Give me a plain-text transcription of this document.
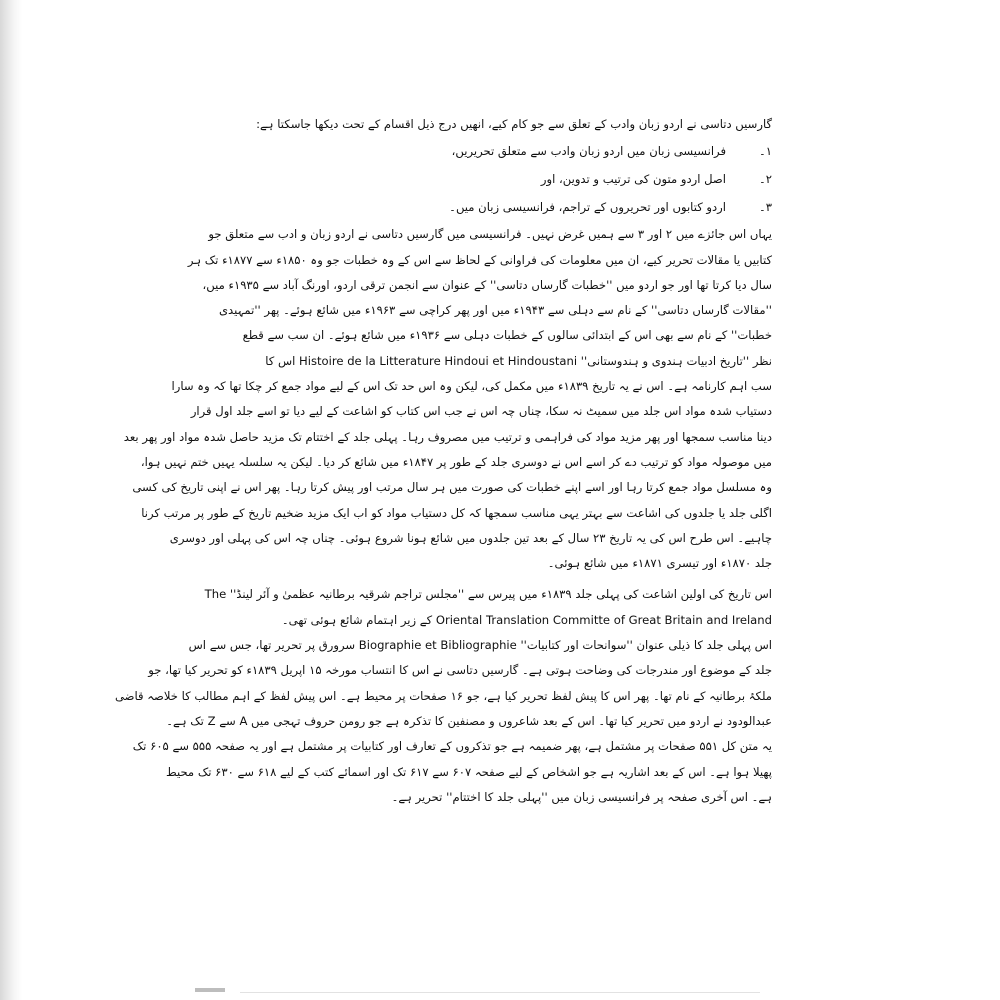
گارسیں دتاسی نے اردو زبان وادب کے تعلق سے جو کام کیے، انھیں درج ذیل اقسام کے تحت دیکھا جاسکتا ہے:

۱۔فرانسیسی زبان میں اردو زبان وادب سے متعلق تحریریں،
۲۔اصل اردو متون کی ترتیب و تدوین، اور
۳۔اردو کتابوں اور تحریروں کے تراجم، فرانسیسی زبان میں۔

یہاں اس جائزے میں ۲ اور ۳ سے ہمیں غرض نہیں۔ فرانسیسی میں گارسیں دتاسی نے اردو زبان و ادب سے متعلق جو

کتابیں یا مقالات تحریر کیے، ان میں معلومات کی فراوانی کے لحاظ سے اس کے وہ خطبات جو وہ ۱۸۵۰ء سے ۱۸۷۷ء تک ہر

سال دیا کرتا تھا اور جو اردو میں ''خطبات گارساں دتاسی'' کے عنوان سے انجمن ترقی اردو، اورنگ آباد سے ۱۹۳۵ء میں،

''مقالات گارساں دتاسی'' کے نام سے دہلی سے ۱۹۴۳ء میں اور پھر کراچی سے ۱۹۶۳ء میں شائع ہوئے۔ پھر ''تمہیدی

خطبات'' کے نام سے بھی اس کے ابتدائی سالوں کے خطبات دہلی سے ۱۹۳۶ء میں شائع ہوئے۔ ان سب سے قطع

نظر ''تاریخ ادبیات ہندوی و ہندوستانی'' Histoire de la Litterature Hindoui et Hindoustani اس کا

سب اہم کارنامہ ہے۔ اس نے یہ تاریخ ۱۸۳۹ء میں مکمل کی، لیکن وہ اس حد تک اس کے لیے مواد جمع کر چکا تھا کہ وہ سارا

دستیاب شدہ مواد اس جلد میں سمیٹ نہ سکا، چناں چہ اس نے جب اس کتاب کو اشاعت کے لیے دیا تو اسے جلد اول قرار

دینا مناسب سمجھا اور پھر مزید مواد کی فراہمی و ترتیب میں مصروف رہا۔ پہلی جلد کے اختتام تک مزید حاصل شدہ مواد اور پھر بعد

میں موصولہ مواد کو ترتیب دے کر اسے اس نے دوسری جلد کے طور پر ۱۸۴۷ء میں شائع کر دیا۔ لیکن یہ سلسلہ یہیں ختم نہیں ہوا،

وہ مسلسل مواد جمع کرتا رہا اور اسے اپنے خطبات کی صورت میں ہر سال مرتب اور پیش کرتا رہا۔ پھر اس نے اپنی تاریخ کی کسی

اگلی جلد یا جلدوں کی اشاعت سے بہتر یہی مناسب سمجھا کہ کل دستیاب مواد کو اب ایک مزید ضخیم تاریخ کے طور پر مرتب کرنا

چاہیے۔ اس طرح اس کی یہ تاریخ ۲۳ سال کے بعد تین جلدوں میں شائع ہونا شروع ہوئی۔ چناں چہ اس کی پہلی اور دوسری

جلد ۱۸۷۰ء اور تیسری ۱۸۷۱ء میں شائع ہوئی۔

اس تاریخ کی اولین اشاعت کی پہلی جلد ۱۸۳۹ء میں پیرس سے ''مجلس تراجم شرقیہ برطانیہ عظمیٰ و آئر لینڈ'' The

Oriental Translation Committe of Great Britain and Ireland کے زیر اہتمام شائع ہوئی تھی۔

اس پہلی جلد کا ذیلی عنوان ''سوانحات اور کتابیات'' Biographie et Bibliographie سرورق پر تحریر تھا، جس سے اس

جلد کے موضوع اور مندرجات کی وضاحت ہوتی ہے۔ گارسیں دتاسی نے اس کا انتساب مورخہ ۱۵ اپریل ۱۸۳۹ء کو تحریر کیا تھا، جو

ملکۂ برطانیہ کے نام تھا۔ پھر اس کا پیش لفظ تحریر کیا ہے، جو ۱۶ صفحات پر محیط ہے۔ اس پیش لفظ کے اہم مطالب کا خلاصہ قاضی

عبدالودود نے اردو میں تحریر کیا تھا۔ اس کے بعد شاعروں و مصنفین کا تذکرہ ہے جو رومن حروف تہجی میں A سے Z تک ہے۔

یہ متن کل ۵۵۱ صفحات پر مشتمل ہے، پھر ضمیمہ ہے جو تذکروں کے تعارف اور کتابیات پر مشتمل ہے اور یہ صفحہ ۵۵۵ سے ۶۰۵ تک

پھیلا ہوا ہے۔ اس کے بعد اشاریہ ہے جو اشخاص کے لیے صفحہ ۶۰۷ سے ۶۱۷ تک اور اسمائے کتب کے لیے ۶۱۸ سے ۶۳۰ تک محیط

ہے۔ اس آخری صفحہ پر فرانسیسی زبان میں ''پہلی جلد کا اختتام'' تحریر ہے۔
